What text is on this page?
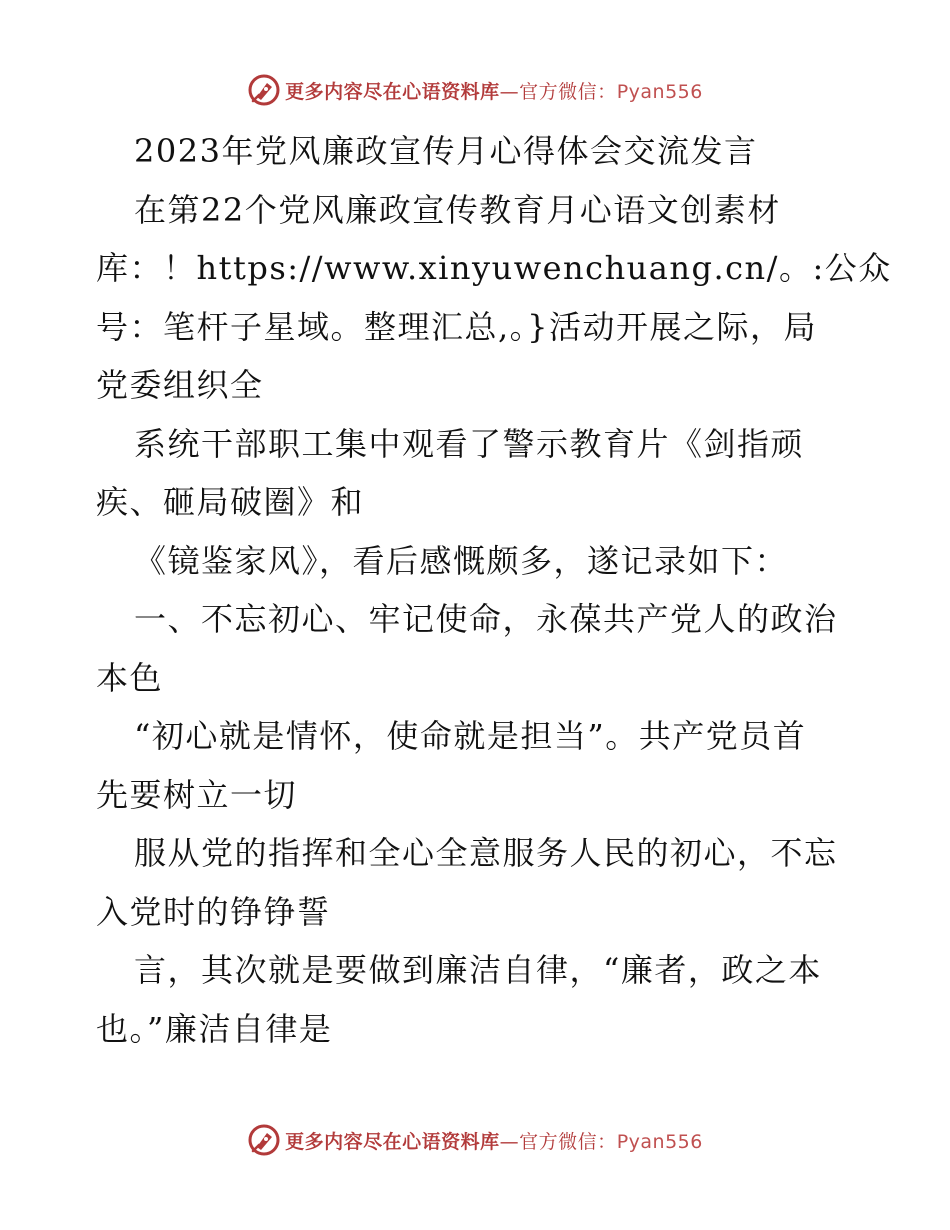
更多内容尽在心语资料库—官方微信：Pyan556
2023年党风廉政宣传月心得体会交流发言
在第22个党风廉政宣传教育月心语文创素材
库：！https://www.xinyuwenchuang.cn/。:公众
号：笔杆子星域。整理汇总,。}活动开展之际，局
党委组织全
系统干部职工集中观看了警示教育片《剑指顽
疾、砸局破圈》和
《镜鉴家风》，看后感慨颇多，遂记录如下：
一、不忘初心、牢记使命，永葆共产党人的政治
本色
“初心就是情怀，使命就是担当”。共产党员首
先要树立一切
服从党的指挥和全心全意服务人民的初心，不忘
入党时的铮铮誓
言，其次就是要做到廉洁自律，“廉者，政之本
也。”廉洁自律是
更多内容尽在心语资料库—官方微信：Pyan556
